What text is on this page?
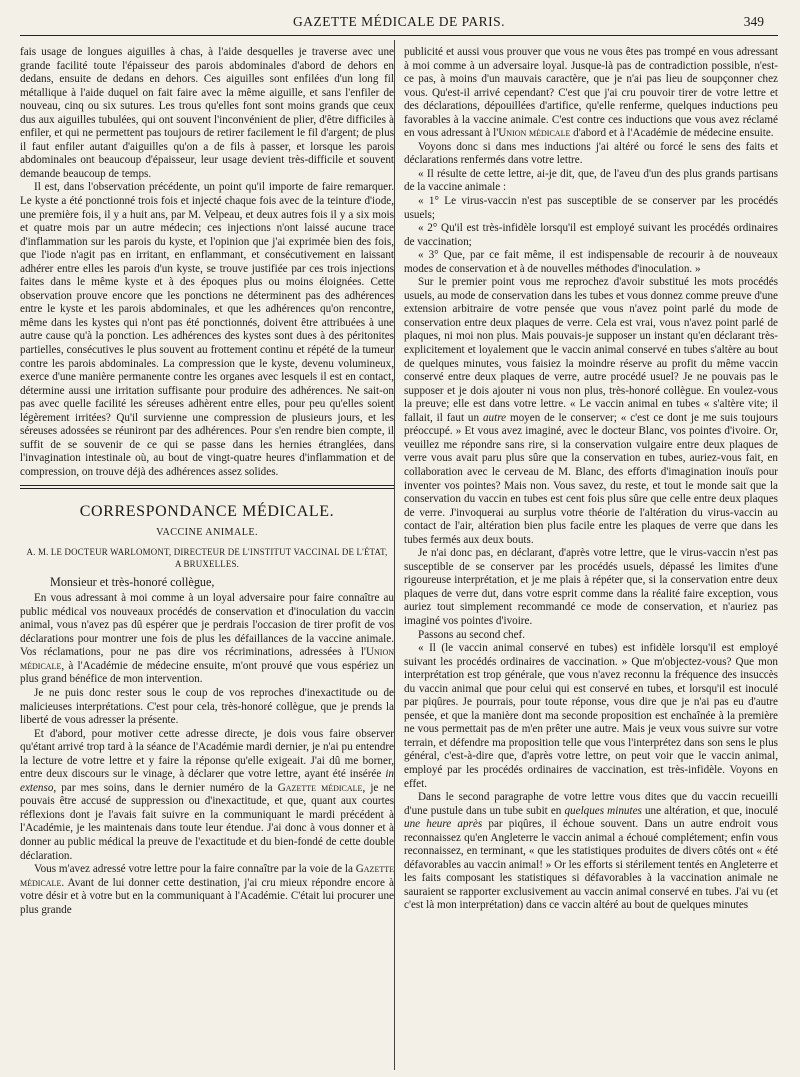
GAZETTE MÉDICALE DE PARIS.	349

fais usage de longues aiguilles à chas, à l'aide desquelles je traverse avec une grande facilité toute l'épaisseur des parois abdominales d'abord de dehors en dedans, ensuite de dedans en dehors. Ces aiguilles sont enfilées d'un long fil métallique à l'aide duquel on fait faire avec la même aiguille, et sans l'enfiler de nouveau, cinq ou six sutures. Les trous qu'elles font sont moins grands que ceux dus aux aiguilles tubulées, qui ont souvent l'inconvénient de plier, d'être difficiles à enfiler, et qui ne permettent pas toujours de retirer facilement le fil d'argent; de plus il faut enfiler autant d'aiguilles qu'on a de fils à passer, et lorsque les parois abdominales ont beaucoup d'épaisseur, leur usage devient très-difficile et souvent demande beaucoup de temps.

Il est, dans l'observation précédente, un point qu'il importe de faire remarquer. Le kyste a été ponctionné trois fois et injecté chaque fois avec de la teinture d'iode, une première fois, il y a huit ans, par M. Velpeau, et deux autres fois il y a six mois et quatre mois par un autre médecin; ces injections n'ont laissé aucune trace d'inflammation sur les parois du kyste, et l'opinion que j'ai exprimée bien des fois, que l'iode n'agit pas en irritant, en enflammant, et consécutivement en laissant adhérer entre elles les parois d'un kyste, se trouve justifiée par ces trois injections faites dans le même kyste et à des époques plus ou moins éloignées. Cette observation prouve encore que les ponctions ne déterminent pas des adhérences entre le kyste et les parois abdominales, et que les adhérences qu'on rencontre, même dans les kystes qui n'ont pas été ponctionnés, doivent être attribuées à une autre cause qu'à la ponction. Les adhérences des kystes sont dues à des péritonites partielles, consécutives le plus souvent au frottement continu et répété de la tumeur contre les parois abdominales. La compression que le kyste, devenu volumineux, exerce d'une manière permanente contre les organes avec lesquels il est en contact, détermine aussi une irritation suffisante pour produire des adhérences. Ne sait-on pas avec quelle facilité les séreuses adhèrent entre elles, pour peu qu'elles soient légèrement irritées? Qu'il survienne une compression de plusieurs jours, et les séreuses adossées se réuniront par des adhérences. Pour s'en rendre bien compte, il suffit de se souvenir de ce qui se passe dans les hernies étranglées, dans l'invagination intestinale où, au bout de vingt-quatre heures d'inflammation et de compression, on trouve déjà des adhérences assez solides.

CORRESPONDANCE MÉDICALE.
VACCINE ANIMALE.
A. M. LE DOCTEUR WARLOMONT, DIRECTEUR DE L'INSTITUT VACCINAL DE L'ÉTAT,
A BRUXELLES.

Monsieur et très-honoré collègue,

En vous adressant à moi comme à un loyal adversaire pour faire connaître au public médical vos nouveaux procédés de conservation et d'inoculation du vaccin animal, vous n'avez pas dû espérer que je perdrais l'occasion de tirer profit de vos déclarations pour montrer une fois de plus les défaillances de la vaccine animale. Vos réclamations, pour ne pas dire vos récriminations, adressées à l'Union médicale, à l'Académie de médecine ensuite, m'ont prouvé que vous espériez un plus grand bénéfice de mon intervention.

Je ne puis donc rester sous le coup de vos reproches d'inexactitude ou de malicieuses interprétations. C'est pour cela, très-honoré collègue, que je prends la liberté de vous adresser la présente.

Et d'abord, pour motiver cette adresse directe, je dois vous faire observer qu'étant arrivé trop tard à la séance de l'Académie mardi dernier, je n'ai pu entendre la lecture de votre lettre et y faire la réponse qu'elle exigeait. J'ai dû me borner, entre deux discours sur le vinage, à déclarer que votre lettre, ayant été insérée in extenso, par mes soins, dans le dernier numéro de la Gazette médicale, je ne pouvais être accusé de suppression ou d'inexactitude, et que, quant aux courtes réflexions dont je l'avais fait suivre en la communiquant le mardi précédent à l'Académie, je les maintenais dans toute leur étendue. J'ai donc à vous donner et à donner au public médical la preuve de l'exactitude et du bien-fondé de cette double déclaration.

Vous m'avez adressé votre lettre pour la faire connaître par la voie de la Gazette médicale. Avant de lui donner cette destination, j'ai cru mieux répondre encore à votre désir et à votre but en la communiquant à l'Académie. C'était lui procurer une plus grande

publicité et aussi vous prouver que vous ne vous êtes pas trompé en vous adressant à moi comme à un adversaire loyal. Jusque-là pas de contradiction possible, n'est-ce pas, à moins d'un mauvais caractère, que je n'ai pas lieu de soupçonner chez vous. Qu'est-il arrivé cependant? C'est que j'ai cru pouvoir tirer de votre lettre et des déclarations, dépouillées d'artifice, qu'elle renferme, quelques inductions peu favorables à la vaccine animale. C'est contre ces inductions que vous avez réclamé en vous adressant à l'Union médicale d'abord et à l'Académie de médecine ensuite.

Voyons donc si dans mes inductions j'ai altéré ou forcé le sens des faits et déclarations renfermés dans votre lettre.

« Il résulte de cette lettre, ai-je dit, que, de l'aveu d'un des plus grands partisans de la vaccine animale :

« 1° Le virus-vaccin n'est pas susceptible de se conserver par les procédés usuels;

« 2° Qu'il est très-infidèle lorsqu'il est employé suivant les procédés ordinaires de vaccination;

« 3° Que, par ce fait même, il est indispensable de recourir à de nouveaux modes de conservation et à de nouvelles méthodes d'inoculation. »

Sur le premier point vous me reprochez d'avoir substitué les mots procédés usuels, au mode de conservation dans les tubes et vous donnez comme preuve d'une extension arbitraire de votre pensée que vous n'avez point parlé du mode de conservation entre deux plaques de verre. Cela est vrai, vous n'avez point parlé de plaques, ni moi non plus. Mais pouvais-je supposer un instant qu'en déclarant très-explicitement et loyalement que le vaccin animal conservé en tubes s'altère au bout de quelques minutes, vous faisiez la moindre réserve au profit du même vaccin conservé entre deux plaques de verre, autre procédé usuel? Je ne pouvais pas le supposer et je dois ajouter ni vous non plus, très-honoré collègue. En voulez-vous la preuve; elle est dans votre lettre. « Le vaccin animal en tubes « s'altère vite; il fallait, il faut un autre moyen de le conserver; « c'est ce dont je me suis toujours préoccupé. » Et vous avez imaginé, avec le docteur Blanc, vos pointes d'ivoire. Or, veuillez me répondre sans rire, si la conservation vulgaire entre deux plaques de verre vous avait paru plus sûre que la conservation en tubes, auriez-vous fait, en collaboration avec le cerveau de M. Blanc, des efforts d'imagination inouïs pour inventer vos pointes? Mais non. Vous savez, du reste, et tout le monde sait que la conservation du vaccin en tubes est cent fois plus sûre que celle entre deux plaques de verre. J'invoquerai au surplus votre théorie de l'altération du virus-vaccin au contact de l'air, altération bien plus facile entre les plaques de verre que dans les tubes fermés aux deux bouts.

Je n'ai donc pas, en déclarant, d'après votre lettre, que le virus-vaccin n'est pas susceptible de se conserver par les procédés usuels, dépassé les limites d'une rigoureuse interprétation, et je me plais à répéter que, si la conservation entre deux plaques de verre dut, dans votre esprit comme dans la réalité faire exception, vous auriez tout simplement recommandé ce mode de conservation, et n'auriez pas imaginé vos pointes d'ivoire.

Passons au second chef.

« Il (le vaccin animal conservé en tubes) est infidèle lorsqu'il est employé suivant les procédés ordinaires de vaccination. » Que m'objectez-vous? Que mon interprétation est trop générale, que vous n'avez reconnu la fréquence des insuccès du vaccin animal que pour celui qui est conservé en tubes, et lorsqu'il est inoculé par piqûres. Je pourrais, pour toute réponse, vous dire que je n'ai pas eu d'autre pensée, et que la manière dont ma seconde proposition est enchaînée à la première ne vous permettait pas de m'en prêter une autre. Mais je veux vous suivre sur votre terrain, et défendre ma proposition telle que vous l'interprétez dans son sens le plus général, c'est-à-dire que, d'après votre lettre, on peut voir que le vaccin animal, employé par les procédés ordinaires de vaccination, est très-infidèle. Voyons en effet.

Dans le second paragraphe de votre lettre vous dites que du vaccin recueilli d'une pustule dans un tube subit en quelques minutes une altération, et que, inoculé une heure après par piqûres, il échoue souvent. Dans un autre endroit vous reconnaissez qu'en Angleterre le vaccin animal a échoué complétement; enfin vous reconnaissez, en terminant, « que les statistiques produites de divers côtés ont « été défavorables au vaccin animal! » Or les efforts si stérilement tentés en Angleterre et les faits composant les statistiques si défavorables à la vaccination animale ne sauraient se rapporter exclusivement au vaccin animal conservé en tubes. J'ai vu (et c'est là mon interprétation) dans ce vaccin altéré au bout de quelques minutes
